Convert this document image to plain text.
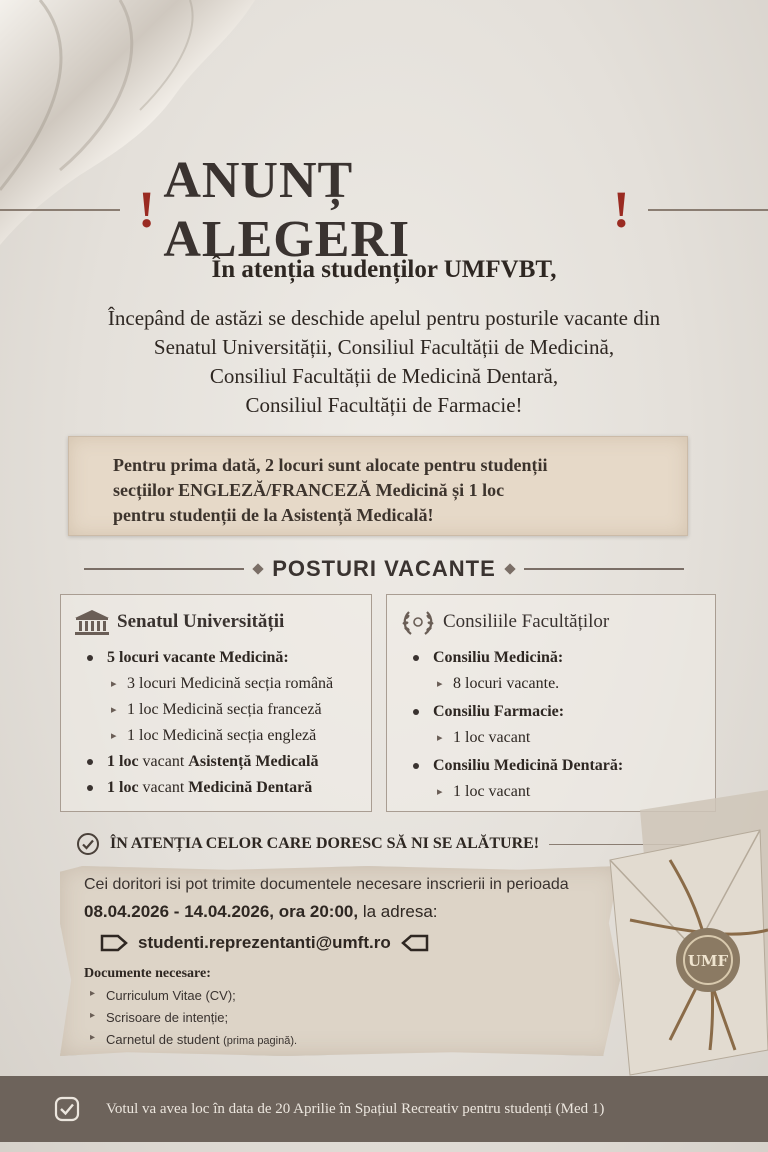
!
ANUNȚ ALEGERI
!
În atenția studenților UMFVBT,
Începând de astăzi se deschide apelul pentru posturile vacante din
Senatul Universității, Consiliul Facultății de Medicină,
Consiliul Facultății de Medicină Dentară,
Consiliul Facultății de Farmacie!
Pentru prima dată, 2 locuri sunt alocate pentru studenții
secțiilor ENGLEZĂ/FRANCEZĂ Medicină și 1 loc
pentru studenții de la Asistență Medicală!
POSTURI VACANTE
Senatul Universității
5 locuri vacante Medicină:
▸ 3 locuri Medicină secția română
▸ 1 loc Medicină secția franceză
▸ 1 loc Medicină secția engleză
1 loc vacant Asistență Medicală
1 loc vacant Medicină Dentară
Consiliile Facultăților
Consiliu Medicină:
▸ 8 locuri vacante.
Consiliu Farmacie:
▸ 1 loc vacant
Consiliu Medicină Dentară:
▸ 1 loc vacant
ÎN ATENȚIA CELOR CARE DORESC SĂ NI SE ALĂTURE!
Cei doritori isi pot trimite documentele necesare inscrierii in perioada
08.04.2026 - 14.04.2026, ora 20:00, la adresa:
studenti.reprezentanti@umft.ro
Documente necesare:
▸ Curriculum Vitae (CV);
▸ Scrisoare de intenție;
▸ Carnetul de student (prima pagină).
UMF
Votul va avea loc în data de 20 Aprilie în Spațiul Recreativ pentru studenți (Med 1)
